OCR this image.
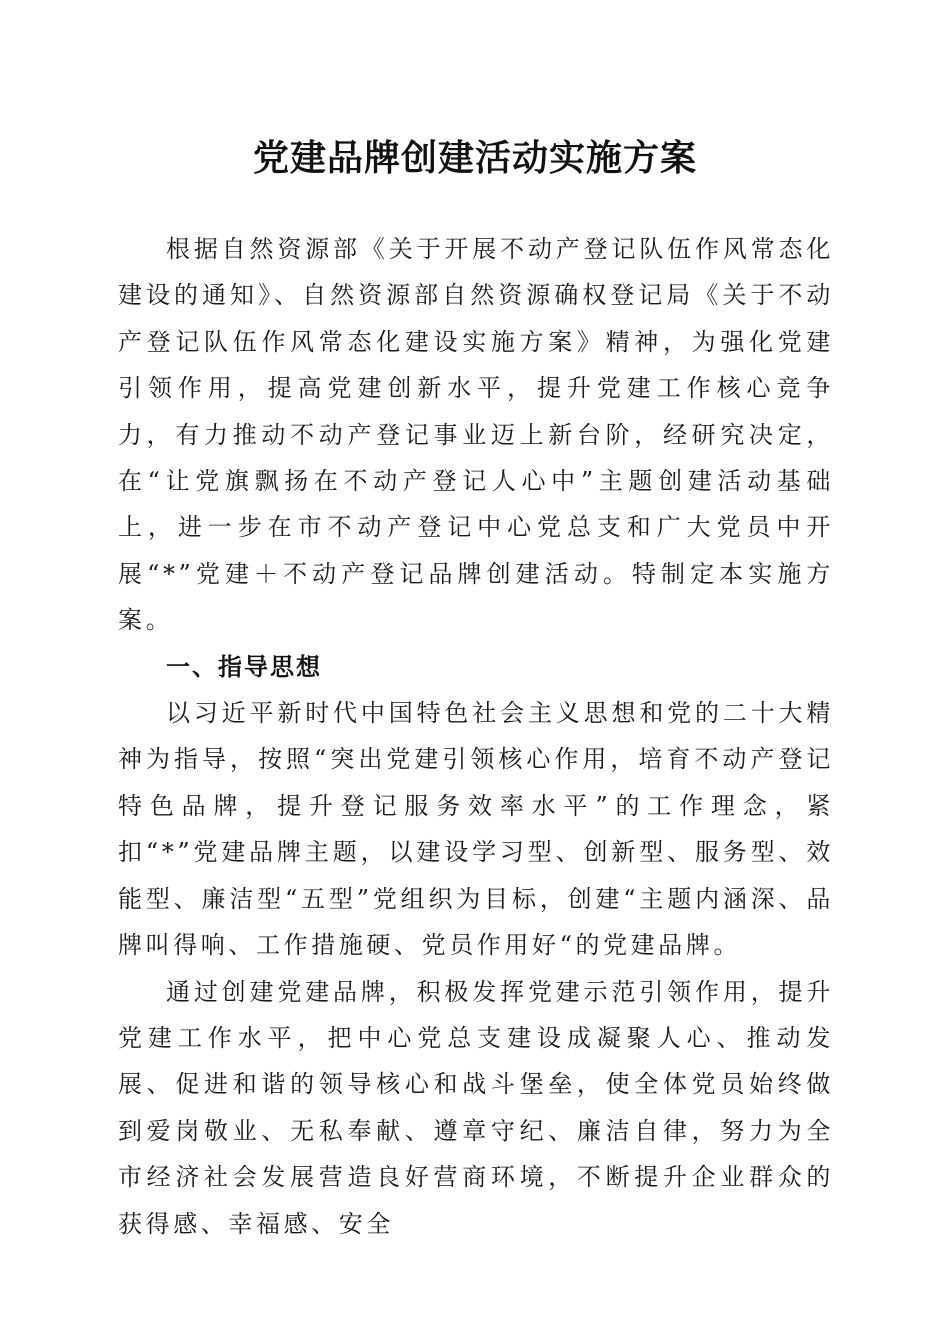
党建品牌创建活动实施方案

根据自然资源部《关于开展不动产登记队伍作风常态化建设的通知》、自然资源部自然资源确权登记局《关于不动产登记队伍作风常态化建设实施方案》精神，为强化党建引领作用，提高党建创新水平，提升党建工作核心竞争力，有力推动不动产登记事业迈上新台阶，经研究决定，在“让党旗飘扬在不动产登记人心中”主题创建活动基础上，进一步在市不动产登记中心党总支和广大党员中开展“*”党建＋不动产登记品牌创建活动。特制定本实施方案。

一、指导思想

以习近平新时代中国特色社会主义思想和党的二十大精神为指导，按照“突出党建引领核心作用，培育不动产登记特色品牌，提升登记服务效率水平”的工作理念，紧扣“*”党建品牌主题，以建设学习型、创新型、服务型、效能型、廉洁型“五型”党组织为目标，创建“主题内涵深、品牌叫得响、工作措施硬、党员作用好“的党建品牌。

通过创建党建品牌，积极发挥党建示范引领作用，提升党建工作水平，把中心党总支建设成凝聚人心、推动发展、促进和谐的领导核心和战斗堡垒，使全体党员始终做到爱岗敬业、无私奉献、遵章守纪、廉洁自律，努力为全市经济社会发展营造良好营商环境，不断提升企业群众的获得感、幸福感、安全
